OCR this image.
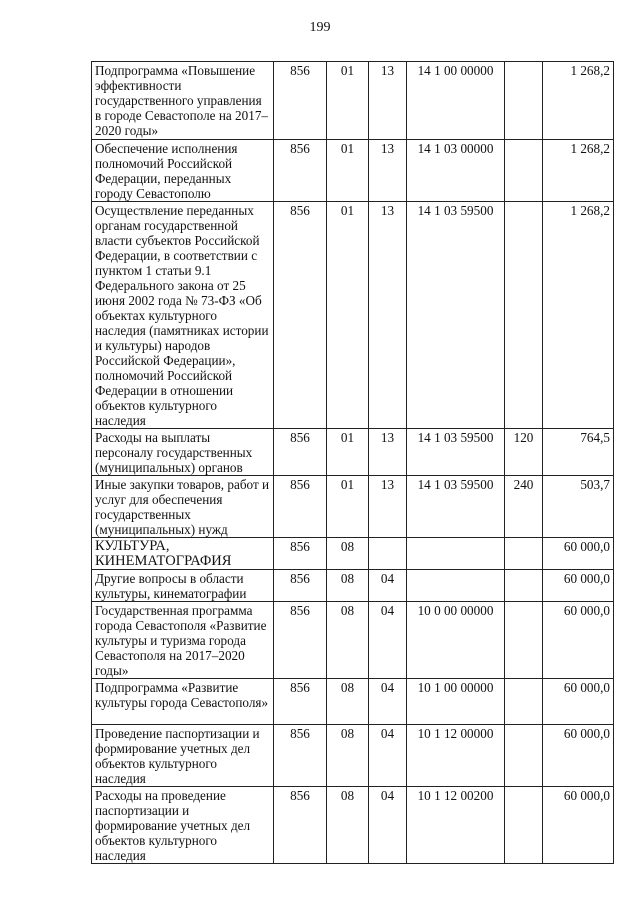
199
Подпрограмма «Повышение эффективности государственного управления в городе Севастополе на 2017–2020 годы»	856	01	13	14 1 00 00000		1 268,2
Обеспечение исполнения полномочий Российской Федерации, переданных городу Севастополю	856	01	13	14 1 03 00000		1 268,2
Осуществление переданных органам государственной власти субъектов Российской Федерации, в соответствии с пунктом 1 статьи 9.1 Федерального закона от 25 июня 2002 года № 73-ФЗ «Об объектах культурного наследия (памятниках истории и культуры) народов Российской Федерации», полномочий Российской Федерации в отношении объектов культурного наследия	856	01	13	14 1 03 59500		1 268,2
Расходы на выплаты персоналу государственных (муниципальных) органов	856	01	13	14 1 03 59500	120	764,5
Иные закупки товаров, работ и услуг для обеспечения государственных (муниципальных) нужд	856	01	13	14 1 03 59500	240	503,7
КУЛЬТУРА, КИНЕМАТОГРАФИЯ	856	08				60 000,0
Другие вопросы в области культуры, кинематографии	856	08	04			60 000,0
Государственная программа города Севастополя «Развитие культуры и туризма города Севастополя на 2017–2020 годы»	856	08	04	10 0 00 00000		60 000,0
Подпрограмма «Развитие культуры города Севастополя»	856	08	04	10 1 00 00000		60 000,0
Проведение паспортизации и формирование учетных дел объектов культурного наследия	856	08	04	10 1 12 00000		60 000,0
Расходы на проведение паспортизации и формирование учетных дел объектов культурного наследия	856	08	04	10 1 12 00200		60 000,0
